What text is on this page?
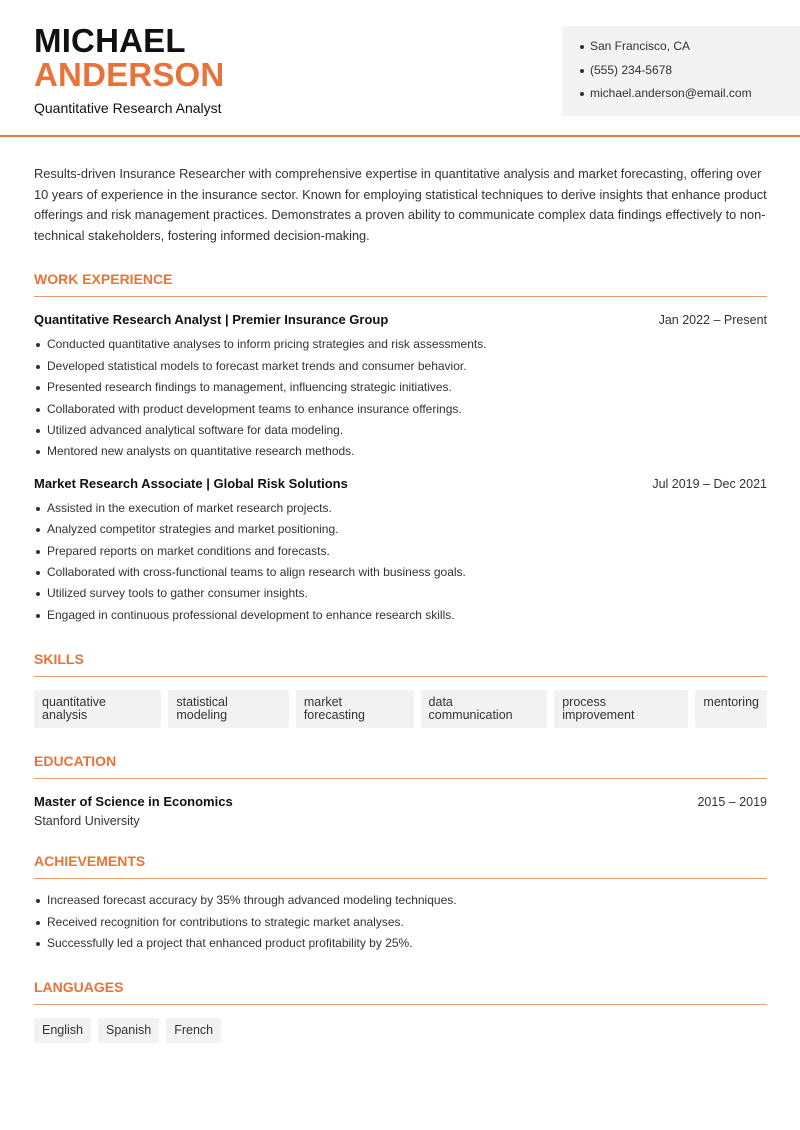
MICHAEL
ANDERSON
Quantitative Research Analyst
San Francisco, CA
(555) 234-5678
michael.anderson@email.com

Results-driven Insurance Researcher with comprehensive expertise in quantitative analysis and market forecasting, offering over 10 years of experience in the insurance sector. Known for employing statistical techniques to derive insights that enhance product offerings and risk management practices. Demonstrates a proven ability to communicate complex data findings effectively to non-technical stakeholders, fostering informed decision-making.

WORK EXPERIENCE
Quantitative Research Analyst | Premier Insurance Group	Jan 2022 – Present
Conducted quantitative analyses to inform pricing strategies and risk assessments.
Developed statistical models to forecast market trends and consumer behavior.
Presented research findings to management, influencing strategic initiatives.
Collaborated with product development teams to enhance insurance offerings.
Utilized advanced analytical software for data modeling.
Mentored new analysts on quantitative research methods.
Market Research Associate | Global Risk Solutions	Jul 2019 – Dec 2021
Assisted in the execution of market research projects.
Analyzed competitor strategies and market positioning.
Prepared reports on market conditions and forecasts.
Collaborated with cross-functional teams to align research with business goals.
Utilized survey tools to gather consumer insights.
Engaged in continuous professional development to enhance research skills.
SKILLS
quantitative analysis
statistical modeling
market forecasting
data communication
process improvement
mentoring
EDUCATION
Master of Science in Economics	2015 – 2019
Stanford University
ACHIEVEMENTS
Increased forecast accuracy by 35% through advanced modeling techniques.
Received recognition for contributions to strategic market analyses.
Successfully led a project that enhanced product profitability by 25%.
LANGUAGES
English	Spanish	French
